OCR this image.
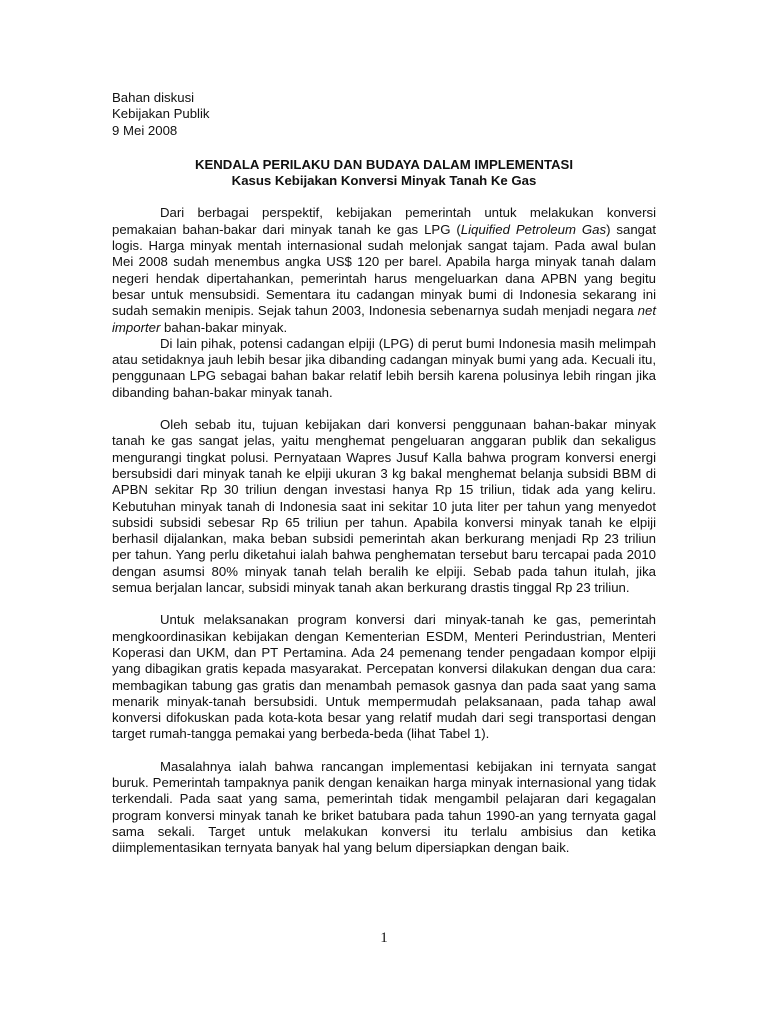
Bahan diskusi
Kebijakan Publik
9 Mei 2008
KENDALA PERILAKU DAN BUDAYA DALAM IMPLEMENTASI
Kasus Kebijakan Konversi Minyak Tanah Ke Gas

Dari berbagai perspektif, kebijakan pemerintah untuk melakukan konversi pemakaian bahan-bakar dari minyak tanah ke gas LPG (Liquified Petroleum Gas) sangat logis. Harga minyak mentah internasional sudah melonjak sangat tajam. Pada awal bulan Mei 2008 sudah menembus angka US$ 120 per barel. Apabila harga minyak tanah dalam negeri hendak dipertahankan, pemerintah harus mengeluarkan dana APBN yang begitu besar untuk mensubsidi. Sementara itu cadangan minyak bumi di Indonesia sekarang ini sudah semakin menipis. Sejak tahun 2003, Indonesia sebenarnya sudah menjadi negara net importer bahan-bakar minyak.

Di lain pihak, potensi cadangan elpiji (LPG) di perut bumi Indonesia masih melimpah atau setidaknya jauh lebih besar jika dibanding cadangan minyak bumi yang ada. Kecuali itu, penggunaan LPG sebagai bahan bakar relatif lebih bersih karena polusinya lebih ringan jika dibanding bahan-bakar minyak tanah.

Oleh sebab itu, tujuan kebijakan dari konversi penggunaan bahan-bakar minyak tanah ke gas sangat jelas, yaitu menghemat pengeluaran anggaran publik dan sekaligus mengurangi tingkat polusi. Pernyataan Wapres Jusuf Kalla bahwa program konversi energi bersubsidi dari minyak tanah ke elpiji ukuran 3 kg bakal menghemat belanja subsidi BBM di APBN sekitar Rp 30 triliun dengan investasi hanya Rp 15 triliun, tidak ada yang keliru. Kebutuhan minyak tanah di Indonesia saat ini sekitar 10 juta liter per tahun yang menyedot subsidi subsidi sebesar Rp 65 triliun per tahun. Apabila konversi minyak tanah ke elpiji berhasil dijalankan, maka beban subsidi pemerintah akan berkurang menjadi Rp 23 triliun per tahun. Yang perlu diketahui ialah bahwa penghematan tersebut baru tercapai pada 2010 dengan asumsi 80% minyak tanah telah beralih ke elpiji. Sebab pada tahun itulah, jika semua berjalan lancar, subsidi minyak tanah akan berkurang drastis tinggal Rp 23 triliun.

Untuk melaksanakan program konversi dari minyak-tanah ke gas, pemerintah mengkoordinasikan kebijakan dengan Kementerian ESDM, Menteri Perindustrian, Menteri Koperasi dan UKM, dan PT Pertamina. Ada 24 pemenang tender pengadaan kompor elpiji yang dibagikan gratis kepada masyarakat. Percepatan konversi dilakukan dengan dua cara: membagikan tabung gas gratis dan menambah pemasok gasnya dan pada saat yang sama menarik minyak-tanah bersubsidi. Untuk mempermudah pelaksanaan, pada tahap awal konversi difokuskan pada kota-kota besar yang relatif mudah dari segi transportasi dengan target rumah-tangga pemakai yang berbeda-beda (lihat Tabel 1).

Masalahnya ialah bahwa rancangan implementasi kebijakan ini ternyata sangat buruk. Pemerintah tampaknya panik dengan kenaikan harga minyak internasional yang tidak terkendali. Pada saat yang sama, pemerintah tidak mengambil pelajaran dari kegagalan program konversi minyak tanah ke briket batubara pada tahun 1990-an yang ternyata gagal sama sekali. Target untuk melakukan konversi itu terlalu ambisius dan ketika diimplementasikan ternyata banyak hal yang belum dipersiapkan dengan baik.

1
